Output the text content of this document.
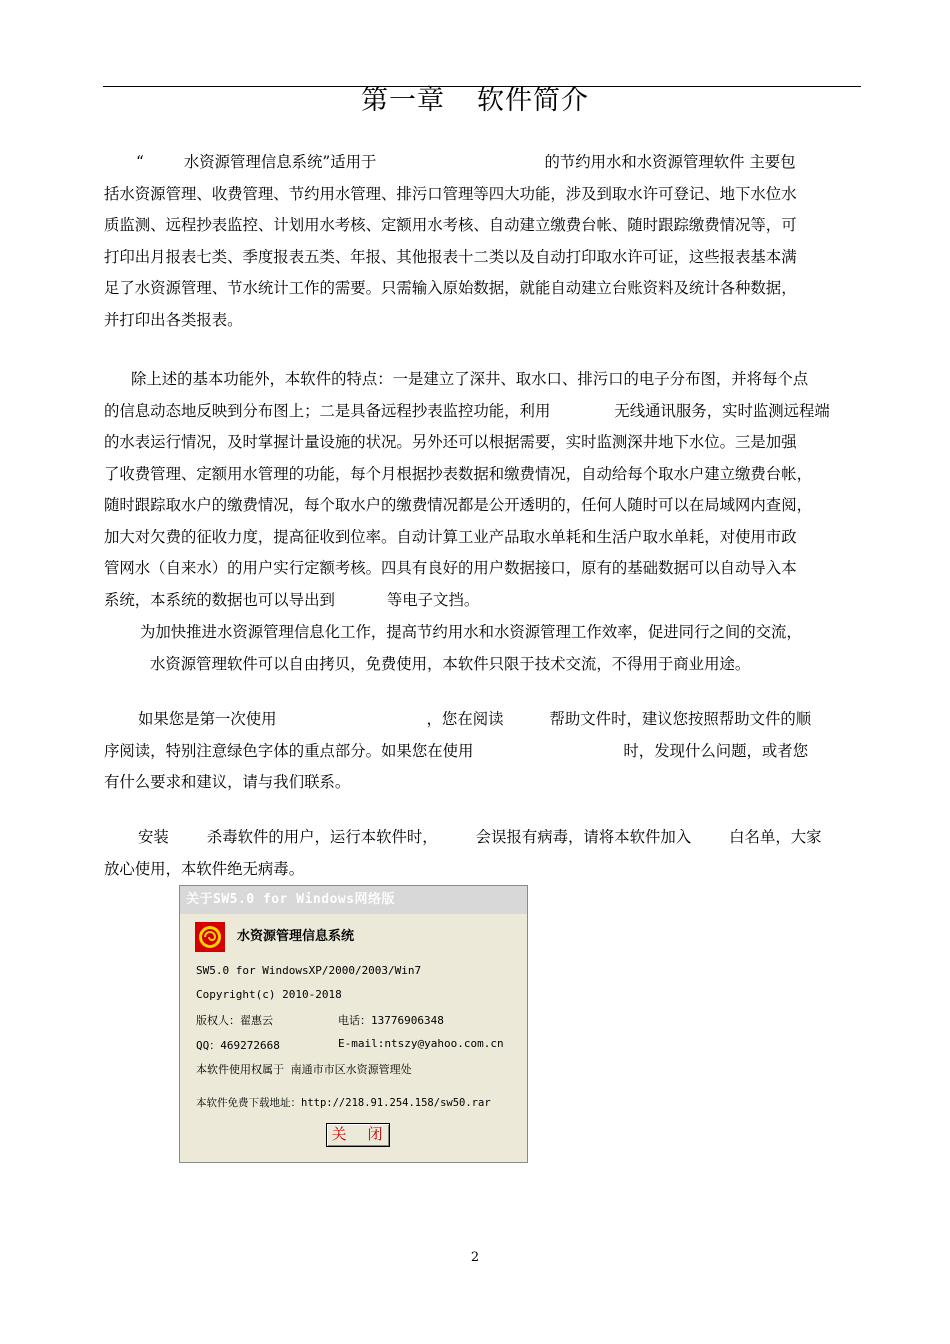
第一章 软件简介
“	水资源管理信息系统”适用于	的节约用水和水资源管理软件 主要包
括水资源管理、收费管理、节约用水管理、排污口管理等四大功能，涉及到取水许可登记、地下水位水
质监测、远程抄表监控、计划用水考核、定额用水考核、自动建立缴费台帐、随时跟踪缴费情况等，可
打印出月报表七类、季度报表五类、年报、其他报表十二类以及自动打印取水许可证，这些报表基本满
足了水资源管理、节水统计工作的需要。只需输入原始数据，就能自动建立台账资料及统计各种数据，
并打印出各类报表。
除上述的基本功能外，本软件的特点：一是建立了深井、取水口、排污口的电子分布图，并将每个点
的信息动态地反映到分布图上；二是具备远程抄表监控功能，利用	无线通讯服务，实时监测远程端
的水表运行情况，及时掌握计量设施的状况。另外还可以根据需要，实时监测深井地下水位。三是加强
了收费管理、定额用水管理的功能，每个月根据抄表数据和缴费情况，自动给每个取水户建立缴费台帐，
随时跟踪取水户的缴费情况，每个取水户的缴费情况都是公开透明的，任何人随时可以在局域网内查阅，
加大对欠费的征收力度，提高征收到位率。自动计算工业产品取水单耗和生活户取水单耗，对使用市政
管网水（自来水）的用户实行定额考核。四具有良好的用户数据接口，原有的基础数据可以自动导入本
系统，本系统的数据也可以导出到	等电子文挡。
为加快推进水资源管理信息化工作，提高节约用水和水资源管理工作效率，促进同行之间的交流，
水资源管理软件可以自由拷贝，免费使用，本软件只限于技术交流，不得用于商业用途。
如果您是第一次使用	，您在阅读	帮助文件时，建议您按照帮助文件的顺
序阅读，特别注意绿色字体的重点部分。如果您在使用	时，发现什么问题，或者您
有什么要求和建议，请与我们联系。
安装 杀毒软件的用户，运行本软件时， 会误报有病毒，请将本软件加入 白名单，大家
放心使用，本软件绝无病毒。
关于SW5.0 for Windows网络版
水资源管理信息系统
SW5.0 for WindowsXP/2000/2003/Win7
Copyright(c) 2010-2018
版权人：翟惠云	电话：13776906348
QQ：469272668	E-mail:ntszy@yahoo.com.cn
本软件使用权属于 南通市市区水资源管理处
本软件免费下载地址：http://218.91.254.158/sw50.rar
关 闭
2
